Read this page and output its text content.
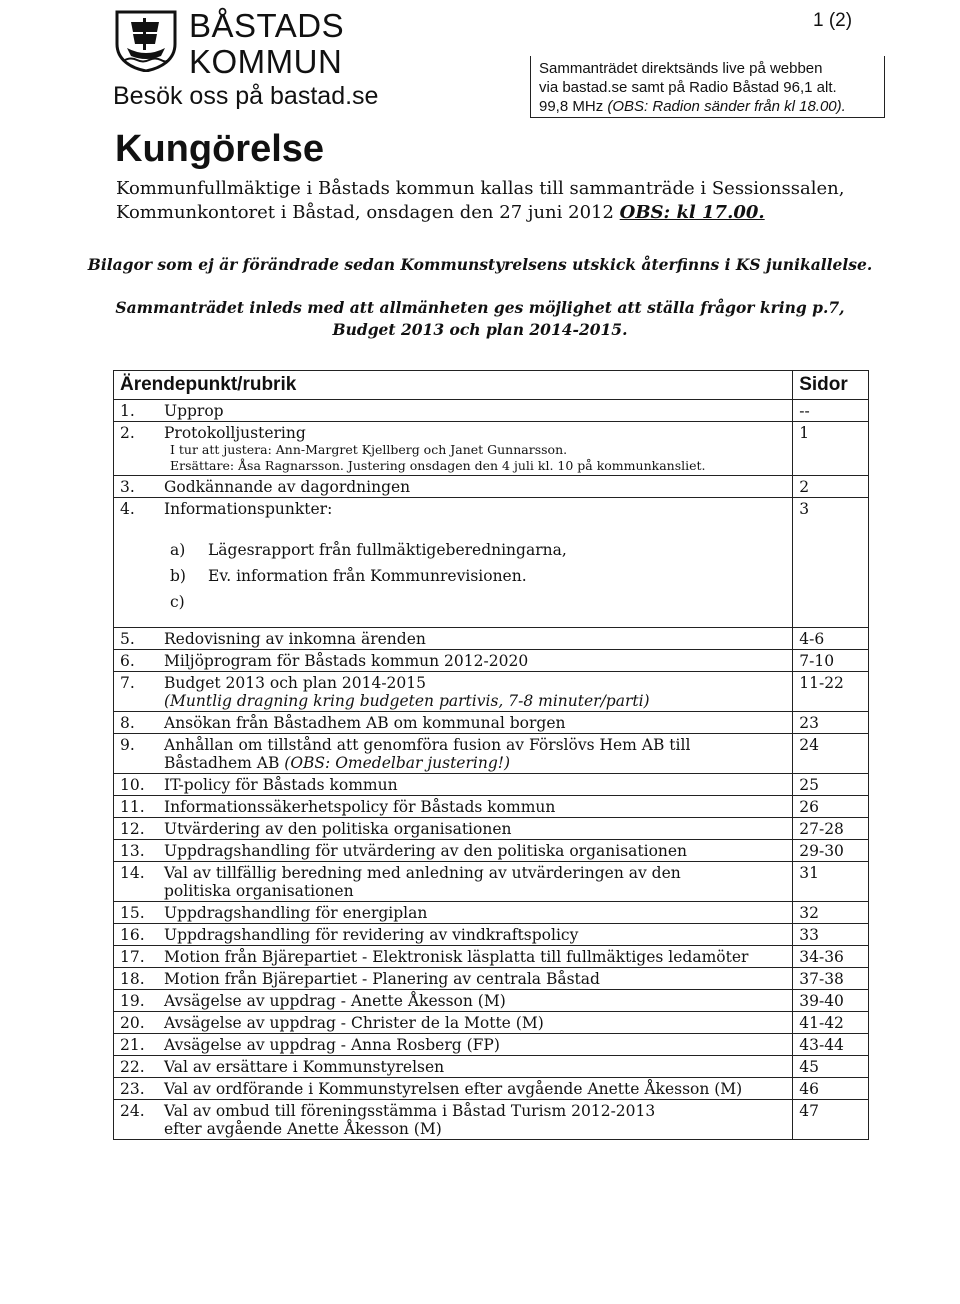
BÅSTADS
KOMMUN
Besök oss på bastad.se
1 (2)
Sammanträdet direktsänds live på webben
via bastad.se samt på Radio Båstad 96,1 alt.
99,8 MHz (OBS: Radion sänder från kl 18.00).
Kungörelse
Kommunfullmäktige i Båstads kommun kallas till sammanträde i Sessionssalen,
Kommunkontoret i Båstad, onsdagen den 27 juni 2012 OBS: kl 17.00.
Bilagor som ej är förändrade sedan Kommunstyrelsens utskick återfinns i KS junikallelse.
Sammanträdet inleds med att allmänheten ges möjlighet att ställa frågor kring p.7,
Budget 2013 och plan 2014-2015.
Ärendepunkt/rubrik	Sidor
1. Upprop	--
2. Protokolljustering
I tur att justera: Ann-Margret Kjellberg och Janet Gunnarsson.
Ersättare: Åsa Ragnarsson. Justering onsdagen den 4 juli kl. 10 på kommunkansliet.	1
3. Godkännande av dagordningen	2
4. Informationspunkter:
a) Lägesrapport från fullmäktigeberedningarna,
b) Ev. information från Kommunrevisionen.
c)	3
5. Redovisning av inkomna ärenden	4-6
6. Miljöprogram för Båstads kommun 2012-2020	7-10
7. Budget 2013 och plan 2014-2015
(Muntlig dragning kring budgeten partivis, 7-8 minuter/parti)	11-22
8. Ansökan från Båstadhem AB om kommunal borgen	23
9. Anhållan om tillstånd att genomföra fusion av Förslövs Hem AB till
Båstadhem AB (OBS: Omedelbar justering!)	24
10. IT-policy för Båstads kommun	25
11. Informationssäkerhetspolicy för Båstads kommun	26
12. Utvärdering av den politiska organisationen	27-28
13. Uppdragshandling för utvärdering av den politiska organisationen	29-30
14. Val av tillfällig beredning med anledning av utvärderingen av den
politiska organisationen	31
15. Uppdragshandling för energiplan	32
16. Uppdragshandling för revidering av vindkraftspolicy	33
17. Motion från Bjärepartiet - Elektronisk läsplatta till fullmäktiges ledamöter	34-36
18. Motion från Bjärepartiet - Planering av centrala Båstad	37-38
19. Avsägelse av uppdrag - Anette Åkesson (M)	39-40
20. Avsägelse av uppdrag - Christer de la Motte (M)	41-42
21. Avsägelse av uppdrag - Anna Rosberg (FP)	43-44
22. Val av ersättare i Kommunstyrelsen	45
23. Val av ordförande i Kommunstyrelsen efter avgående Anette Åkesson (M)	46
24. Val av ombud till föreningsstämma i Båstad Turism 2012-2013
efter avgående Anette Åkesson (M)	47
